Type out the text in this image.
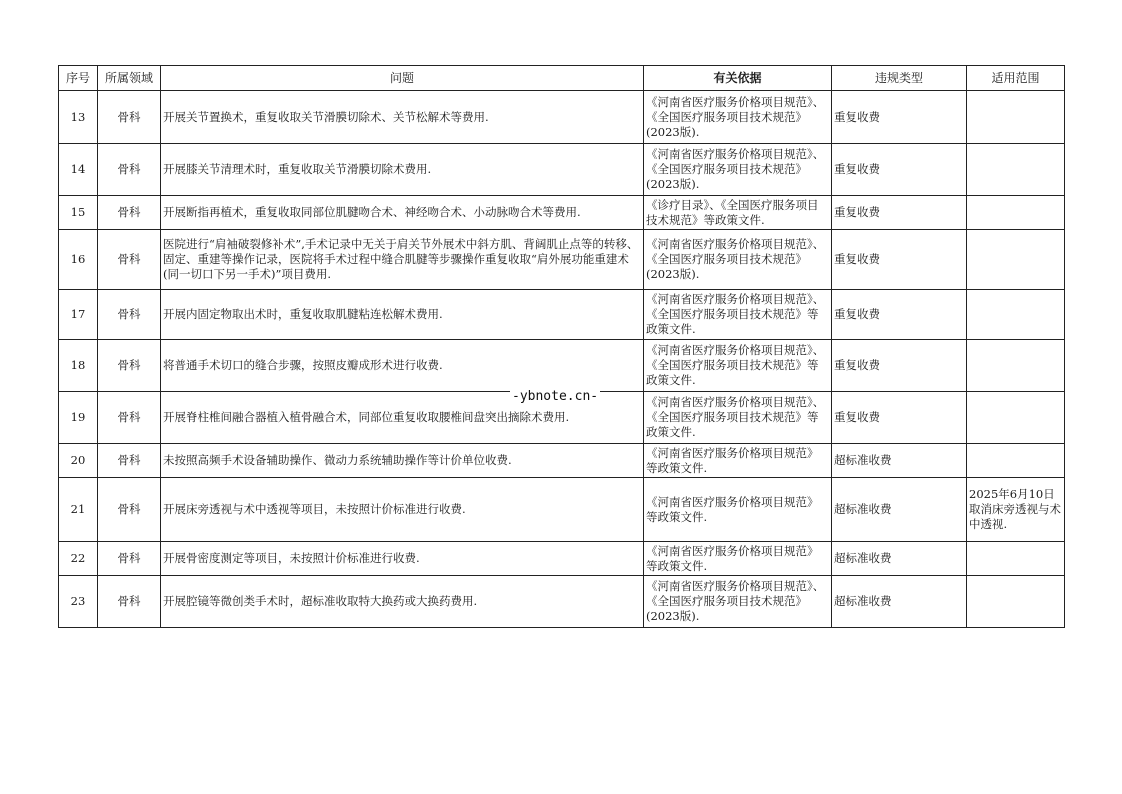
序号	所属领域	问题	有关依据	违规类型	适用范围
13	骨科	开展关节置换术，重复收取关节滑膜切除术、关节松解术等费用.	《河南省医疗服务价格项目规范》、《全国医疗服务项目技术规范》(2023版).	重复收费	
14	骨科	开展膝关节清理术时，重复收取关节滑膜切除术费用.	《河南省医疗服务价格项目规范》、《全国医疗服务项目技术规范》(2023版).	重复收费	
15	骨科	开展断指再植术，重复收取同部位肌腱吻合术、神经吻合术、小动脉吻合术等费用.	《诊疗目录》、《全国医疗服务项目技术规范》等政策文件.	重复收费	
16	骨科	医院进行“肩袖破裂修补术”,手术记录中无关于肩关节外展术中斜方肌、背阔肌止点等的转移、固定、重建等操作记录，医院将手术过程中缝合肌腱等步骤操作重复收取“肩外展功能重建术(同一切口下另一手术)”项目费用.	《河南省医疗服务价格项目规范》、《全国医疗服务项目技术规范》(2023版).	重复收费	
17	骨科	开展内固定物取出术时，重复收取肌腱粘连松解术费用.	《河南省医疗服务价格项目规范》、《全国医疗服务项目技术规范》等政策文件.	重复收费	
18	骨科	将普通手术切口的缝合步骤，按照皮瓣成形术进行收费.	《河南省医疗服务价格项目规范》、《全国医疗服务项目技术规范》等政策文件.	重复收费	
19	骨科	开展脊柱椎间融合器植入植骨融合术，同部位重复收取腰椎间盘突出摘除术费用.	《河南省医疗服务价格项目规范》、《全国医疗服务项目技术规范》等政策文件.	重复收费	
20	骨科	未按照高频手术设备辅助操作、微动力系统辅助操作等计价单位收费.	《河南省医疗服务价格项目规范》等政策文件.	超标准收费	
21	骨科	开展床旁透视与术中透视等项目，未按照计价标准进行收费.	《河南省医疗服务价格项目规范》等政策文件.	超标准收费	2025年6月10日取消床旁透视与术中透视.
22	骨科	开展骨密度测定等项目，未按照计价标准进行收费.	《河南省医疗服务价格项目规范》等政策文件.	超标准收费	
23	骨科	开展腔镜等微创类手术时，超标准收取特大换药或大换药费用.	《河南省医疗服务价格项目规范》、《全国医疗服务项目技术规范》(2023版).	超标准收费	
-ybnote.cn-
